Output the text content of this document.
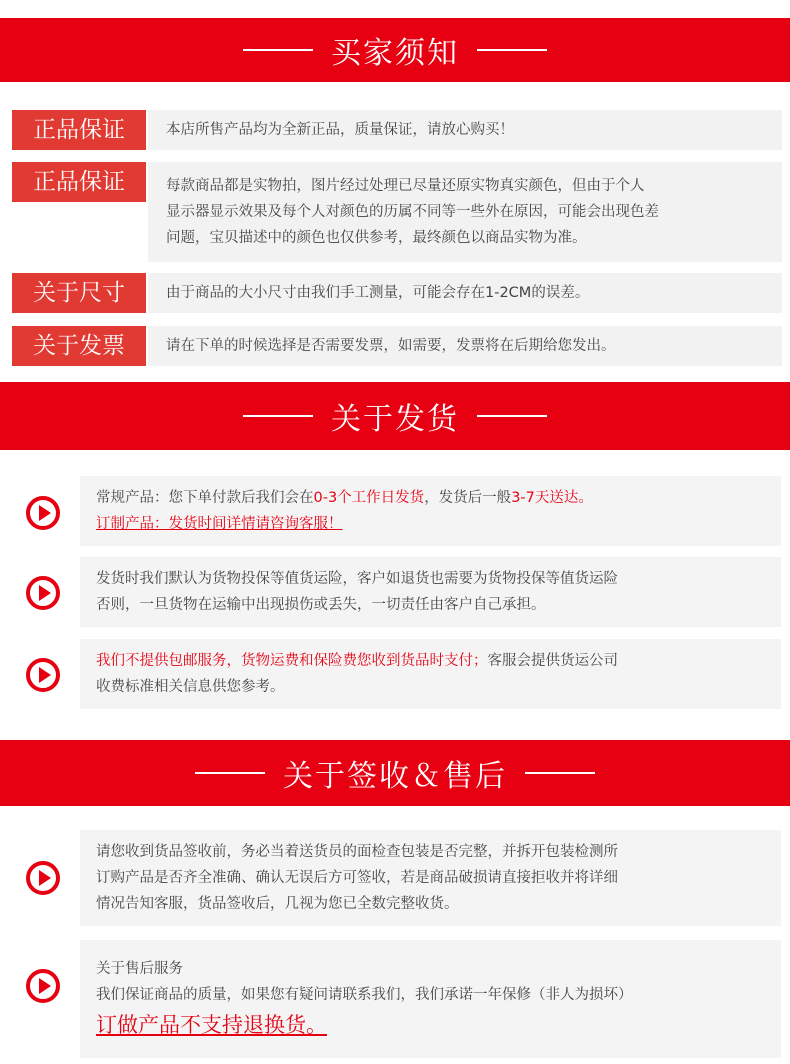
买家须知
正品保证	本店所售产品均为全新正品，质量保证，请放心购买！

正品保证	每款商品都是实物拍，图片经过处理已尽量还原实物真实颜色，但由于个人

显示器显示效果及每个人对颜色的历属不同等一些外在原因，可能会出现色差

问题，宝贝描述中的颜色也仅供参考，最终颜色以商品实物为准。

关于尺寸	由于商品的大小尺寸由我们手工测量，可能会存在1-2CM的误差。

关于发票	请在下单的时候选择是否需要发票，如需要，发票将在后期给您发出。

关于发货

常规产品：您下单付款后我们会在0-3个工作日发货，发货后一般3-7天送达。

订制产品：发货时间详情请咨询客服！

发货时我们默认为货物投保等值货运险，客户如退货也需要为货物投保等值货运险

否则，一旦货物在运输中出现损伤或丢失，一切责任由客户自己承担。

我们不提供包邮服务，货物运费和保险费您收到货品时支付；客服会提供货运公司

收费标准相关信息供您参考。

关于签收＆售后

请您收到货品签收前，务必当着送货员的面检查包装是否完整，并拆开包装检测所

订购产品是否齐全准确、确认无误后方可签收，若是商品破损请直接拒收并将详细

情况告知客服，货品签收后，几视为您已全数完整收货。

关于售后服务

我们保证商品的质量，如果您有疑问请联系我们，我们承诺一年保修（非人为损坏）

订做产品不支持退换货。
